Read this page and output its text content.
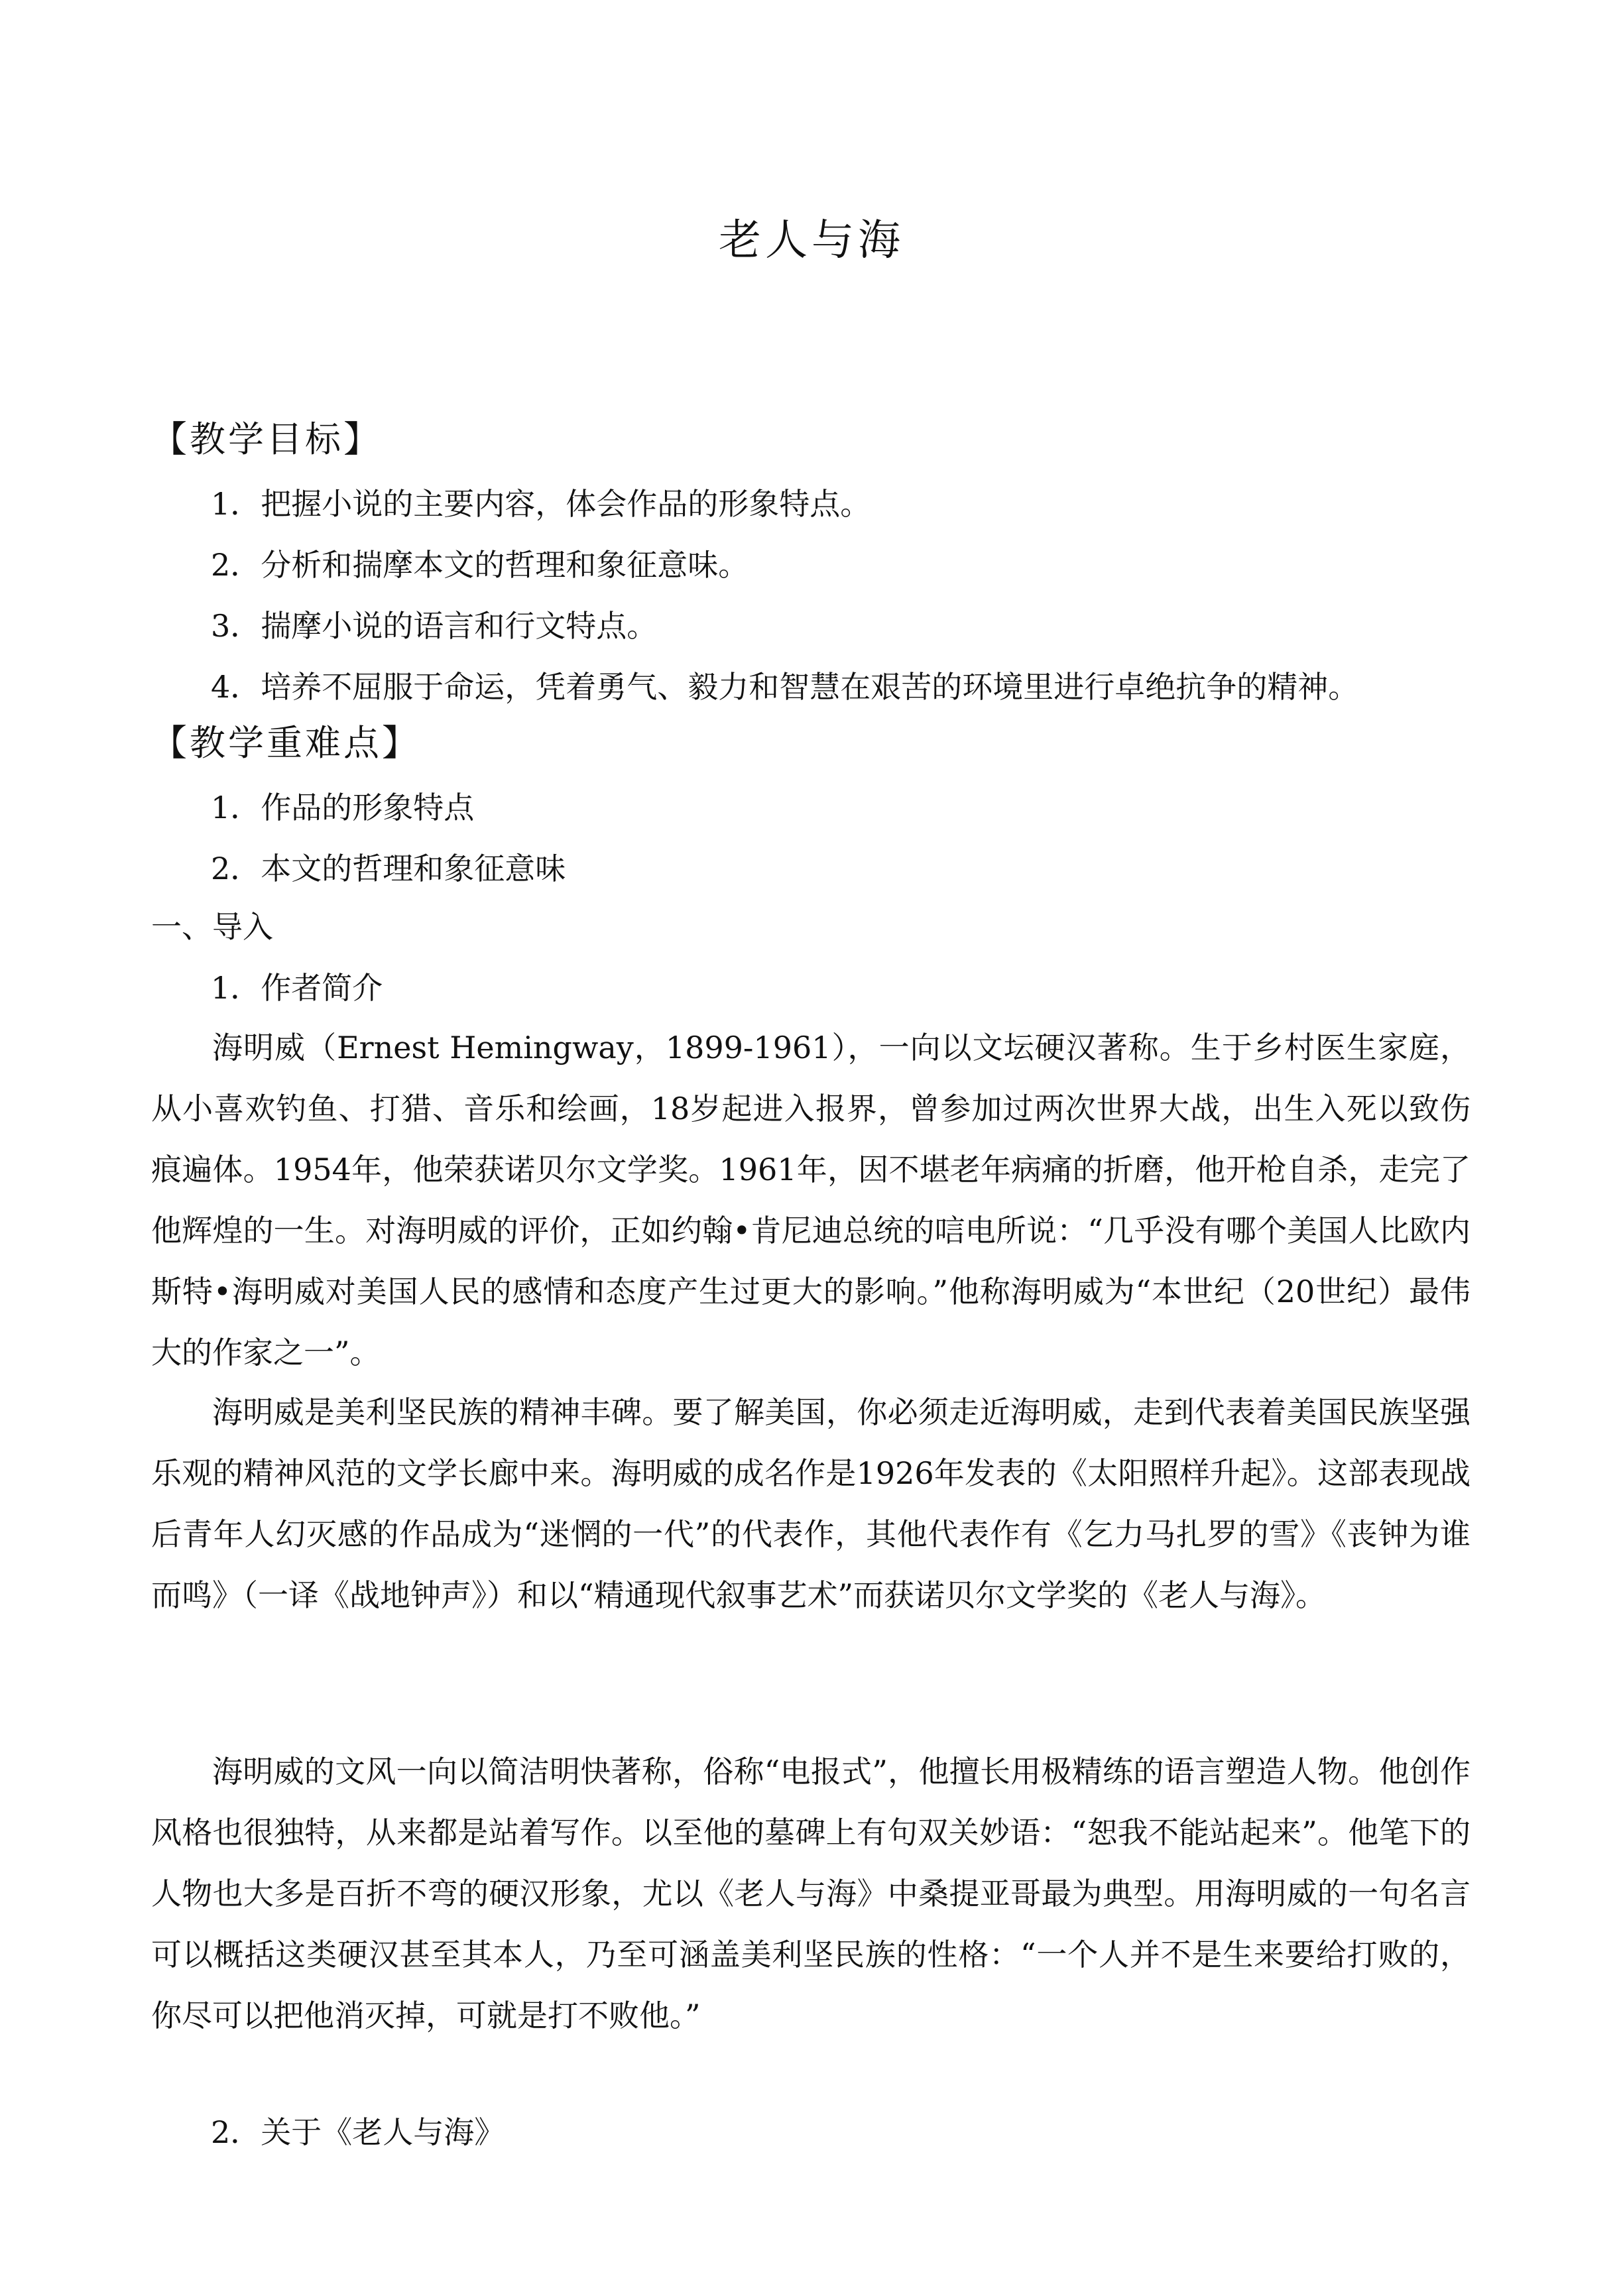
老人与海
【教学目标】
1．把握小说的主要内容，体会作品的形象特点。
2．分析和揣摩本文的哲理和象征意味。
3．揣摩小说的语言和行文特点。
4．培养不屈服于命运，凭着勇气、毅力和智慧在艰苦的环境里进行卓绝抗争的精神。
【教学重难点】
1．作品的形象特点
2．本文的哲理和象征意味
一、导入
1．作者简介
海明威（Ernest Hemingway，1899-1961），一向以文坛硬汉著称。生于乡村医生家庭，从小喜欢钓鱼、打猎、音乐和绘画，18岁起进入报界，曾参加过两次世界大战，出生入死以致伤痕遍体。1954年，他荣获诺贝尔文学奖。1961年，因不堪老年病痛的折磨，他开枪自杀，走完了他辉煌的一生。对海明威的评价，正如约翰•肯尼迪总统的唁电所说：“几乎没有哪个美国人比欧内斯特•海明威对美国人民的感情和态度产生过更大的影响。”他称海明威为“本世纪（20世纪）最伟大的作家之一”。
海明威是美利坚民族的精神丰碑。要了解美国，你必须走近海明威，走到代表着美国民族坚强乐观的精神风范的文学长廊中来。海明威的成名作是1926年发表的《太阳照样升起》。这部表现战后青年人幻灭感的作品成为“迷惘的一代”的代表作，其他代表作有《乞力马扎罗的雪》《丧钟为谁而鸣》（一译《战地钟声》）和以“精通现代叙事艺术”而获诺贝尔文学奖的《老人与海》。
海明威的文风一向以简洁明快著称，俗称“电报式”，他擅长用极精练的语言塑造人物。他创作风格也很独特，从来都是站着写作。以至他的墓碑上有句双关妙语：“恕我不能站起来”。他笔下的人物也大多是百折不弯的硬汉形象，尤以《老人与海》中桑提亚哥最为典型。用海明威的一句名言可以概括这类硬汉甚至其本人，乃至可涵盖美利坚民族的性格：“一个人并不是生来要给打败的，你尽可以把他消灭掉，可就是打不败他。”
2．关于《老人与海》
